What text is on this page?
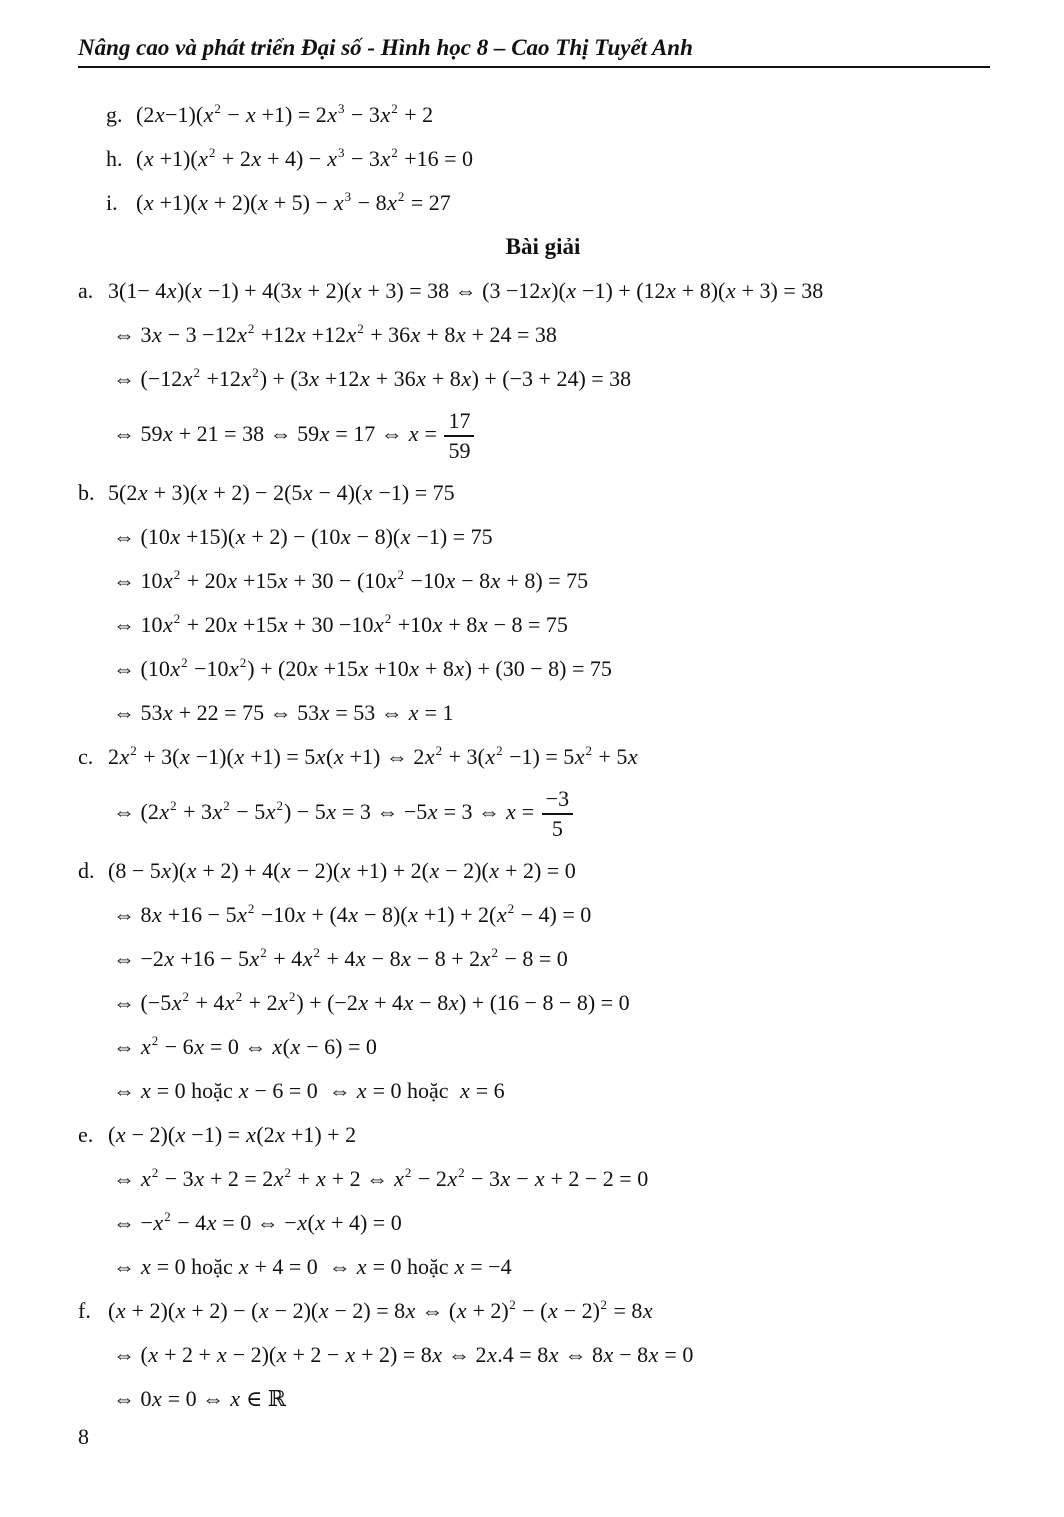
Nâng cao và phát triển Đại số - Hình học 8 – Cao Thị Tuyết Anh
g. $(2x-1)(x^2 - x +1) = 2x^3 - 3x^2 + 2$
h. $(x +1)(x^2 + 2x + 4) - x^3 - 3x^2 +16 = 0$
i. $(x +1)(x + 2)(x + 5) - x^3 - 8x^2 = 27$
Bài giải
a. 3(1− 4x)(x −1) + 4(3x + 2)(x + 3) = 38 ⇔ (3 −12x)(x −1) + (12x + 8)(x + 3) = 38
⇔ $3x - 3 -12x^2 +12x +12x^2 + 36x + 8x + 24 = 38$
⇔ $(-12x^2 +12x^2) + (3x +12x + 36x + 8x) + (-3 + 24) = 38$
⇔ 59x + 21 = 38 ⇔ 59x = 17 ⇔ $x = \frac{17}{59}$
b. 5(2x + 3)(x + 2) − 2(5x − 4)(x −1) = 75
⇔ (10x +15)(x + 2) − (10x − 8)(x −1) = 75
⇔ $10x^2 + 20x +15x + 30 - (10x^2 -10x - 8x + 8) = 75$
⇔ $10x^2 + 20x +15x + 30 -10x^2 +10x + 8x - 8 = 75$
⇔ $(10x^2 -10x^2) + (20x +15x +10x + 8x) + (30 - 8) = 75$
⇔ 53x + 22 = 75 ⇔ 53x = 53 ⇔ x = 1
c. $2x^2 + 3(x -1)(x +1) = 5x(x +1)$ ⇔ $2x^2 + 3(x^2 -1) = 5x^2 + 5x$
⇔ $(2x^2 + 3x^2 - 5x^2) - 5x = 3$ ⇔ −5x = 3 ⇔ $x = \frac{-3}{5}$
d. (8 − 5x)(x + 2) + 4(x − 2)(x +1) + 2(x − 2)(x + 2) = 0
⇔ $8x +16 - 5x^2 -10x + (4x - 8)(x +1) + 2(x^2 - 4) = 0$
⇔ $-2x +16 - 5x^2 + 4x^2 + 4x - 8x - 8 + 2x^2 - 8 = 0$
⇔ $(-5x^2 + 4x^2 + 2x^2) + (-2x + 4x - 8x) + (16 - 8 - 8) = 0$
⇔ $x^2 - 6x = 0$ ⇔ x(x − 6) = 0
⇔ x = 0 hoặc x − 6 = 0  ⇔ x = 0 hoặc  x = 6
e. (x − 2)(x −1) = x(2x +1) + 2
⇔ $x^2 - 3x + 2 = 2x^2 + x + 2$ ⇔ $x^2 - 2x^2 - 3x - x + 2 - 2 = 0$
⇔ $-x^2 - 4x = 0$ ⇔ −x(x + 4) = 0
⇔ x = 0 hoặc x + 4 = 0  ⇔ x = 0 hoặc x = −4
f. (x + 2)(x + 2) − (x − 2)(x − 2) = 8x ⇔ $(x + 2)^2 - (x - 2)^2 = 8x$
⇔ (x + 2 + x − 2)(x + 2 − x + 2) = 8x ⇔ 2x.4 = 8x ⇔ 8x − 8x = 0
⇔ 0x = 0 ⇔ x ∈ ℝ
8
